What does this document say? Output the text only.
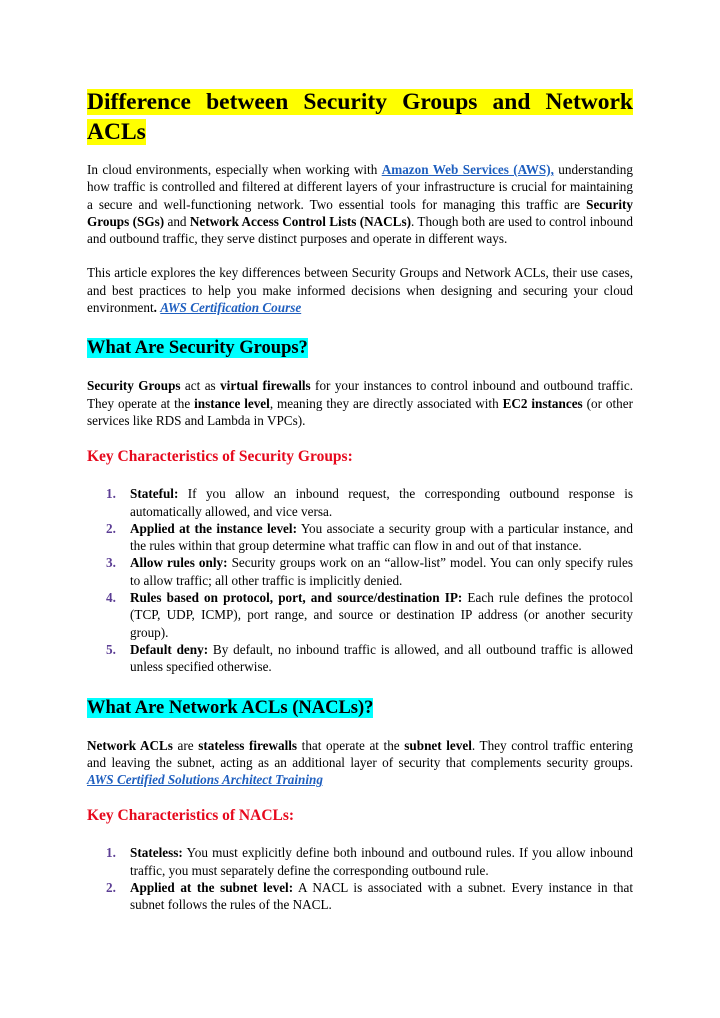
Difference between Security Groups and Network ACLs

In cloud environments, especially when working with Amazon Web Services (AWS), understanding how traffic is controlled and filtered at different layers of your infrastructure is crucial for maintaining a secure and well-functioning network. Two essential tools for managing this traffic are Security Groups (SGs) and Network Access Control Lists (NACLs). Though both are used to control inbound and outbound traffic, they serve distinct purposes and operate in different ways.

This article explores the key differences between Security Groups and Network ACLs, their use cases, and best practices to help you make informed decisions when designing and securing your cloud environment. AWS Certification Course

What Are Security Groups?

Security Groups act as virtual firewalls for your instances to control inbound and outbound traffic. They operate at the instance level, meaning they are directly associated with EC2 instances (or other services like RDS and Lambda in VPCs).

Key Characteristics of Security Groups:
1. Stateful: If you allow an inbound request, the corresponding outbound response is automatically allowed, and vice versa.
2. Applied at the instance level: You associate a security group with a particular instance, and the rules within that group determine what traffic can flow in and out of that instance.
3. Allow rules only: Security groups work on an “allow-list” model. You can only specify rules to allow traffic; all other traffic is implicitly denied.
4. Rules based on protocol, port, and source/destination IP: Each rule defines the protocol (TCP, UDP, ICMP), port range, and source or destination IP address (or another security group).
5. Default deny: By default, no inbound traffic is allowed, and all outbound traffic is allowed unless specified otherwise.
What Are Network ACLs (NACLs)?

Network ACLs are stateless firewalls that operate at the subnet level. They control traffic entering and leaving the subnet, acting as an additional layer of security that complements security groups. AWS Certified Solutions Architect Training

Key Characteristics of NACLs:
1. Stateless: You must explicitly define both inbound and outbound rules. If you allow inbound traffic, you must separately define the corresponding outbound rule.
2. Applied at the subnet level: A NACL is associated with a subnet. Every instance in that subnet follows the rules of the NACL.
